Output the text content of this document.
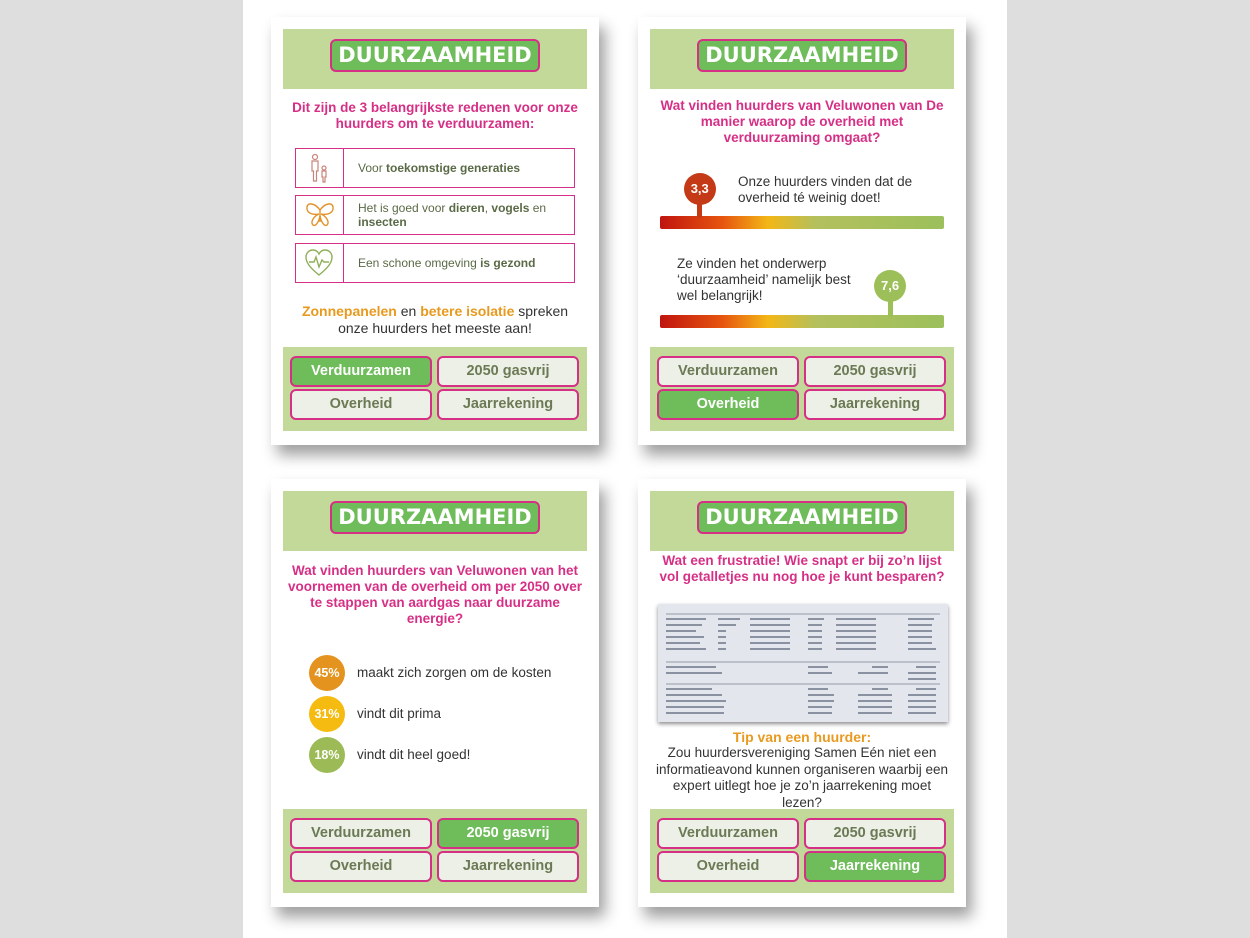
DUURZAAMHEID
Dit zijn de 3 belangrijkste redenen voor onze huurders om te verduurzamen:
Voor toekomstige generaties
Het is goed voor dieren, vogels en insecten
Een schone omgeving is gezond
Zonnepanelen en betere isolatie spreken onze huurders het meeste aan!
Verduurzamen	2050 gasvrij
Overheid	Jaarrekening
DUURZAAMHEID
Wat vinden huurders van Veluwonen van De manier waarop de overheid met verduurzaming omgaat?
Onze huurders vinden dat de overheid té weinig doet!
3,3
Ze vinden het onderwerp ‘duurzaamheid’ namelijk best wel belangrijk!
7,6
Verduurzamen	2050 gasvrij
Overheid	Jaarrekening
DUURZAAMHEID
Wat vinden huurders van Veluwonen van het voornemen van de overheid om per 2050 over te stappen van aardgas naar duurzame energie?
45%	maakt zich zorgen om de kosten
31%	vindt dit prima
18%	vindt dit heel goed!
Verduurzamen	2050 gasvrij
Overheid	Jaarrekening
DUURZAAMHEID
Wat een frustratie! Wie snapt er bij zo’n lijst vol getalletjes nu nog hoe je kunt besparen?
Tip van een huurder:
Zou huurdersvereniging Samen Eén niet een informatieavond kunnen organiseren waarbij een expert uitlegt hoe je zo’n jaarrekening moet lezen?
Verduurzamen	2050 gasvrij
Overheid	Jaarrekening
